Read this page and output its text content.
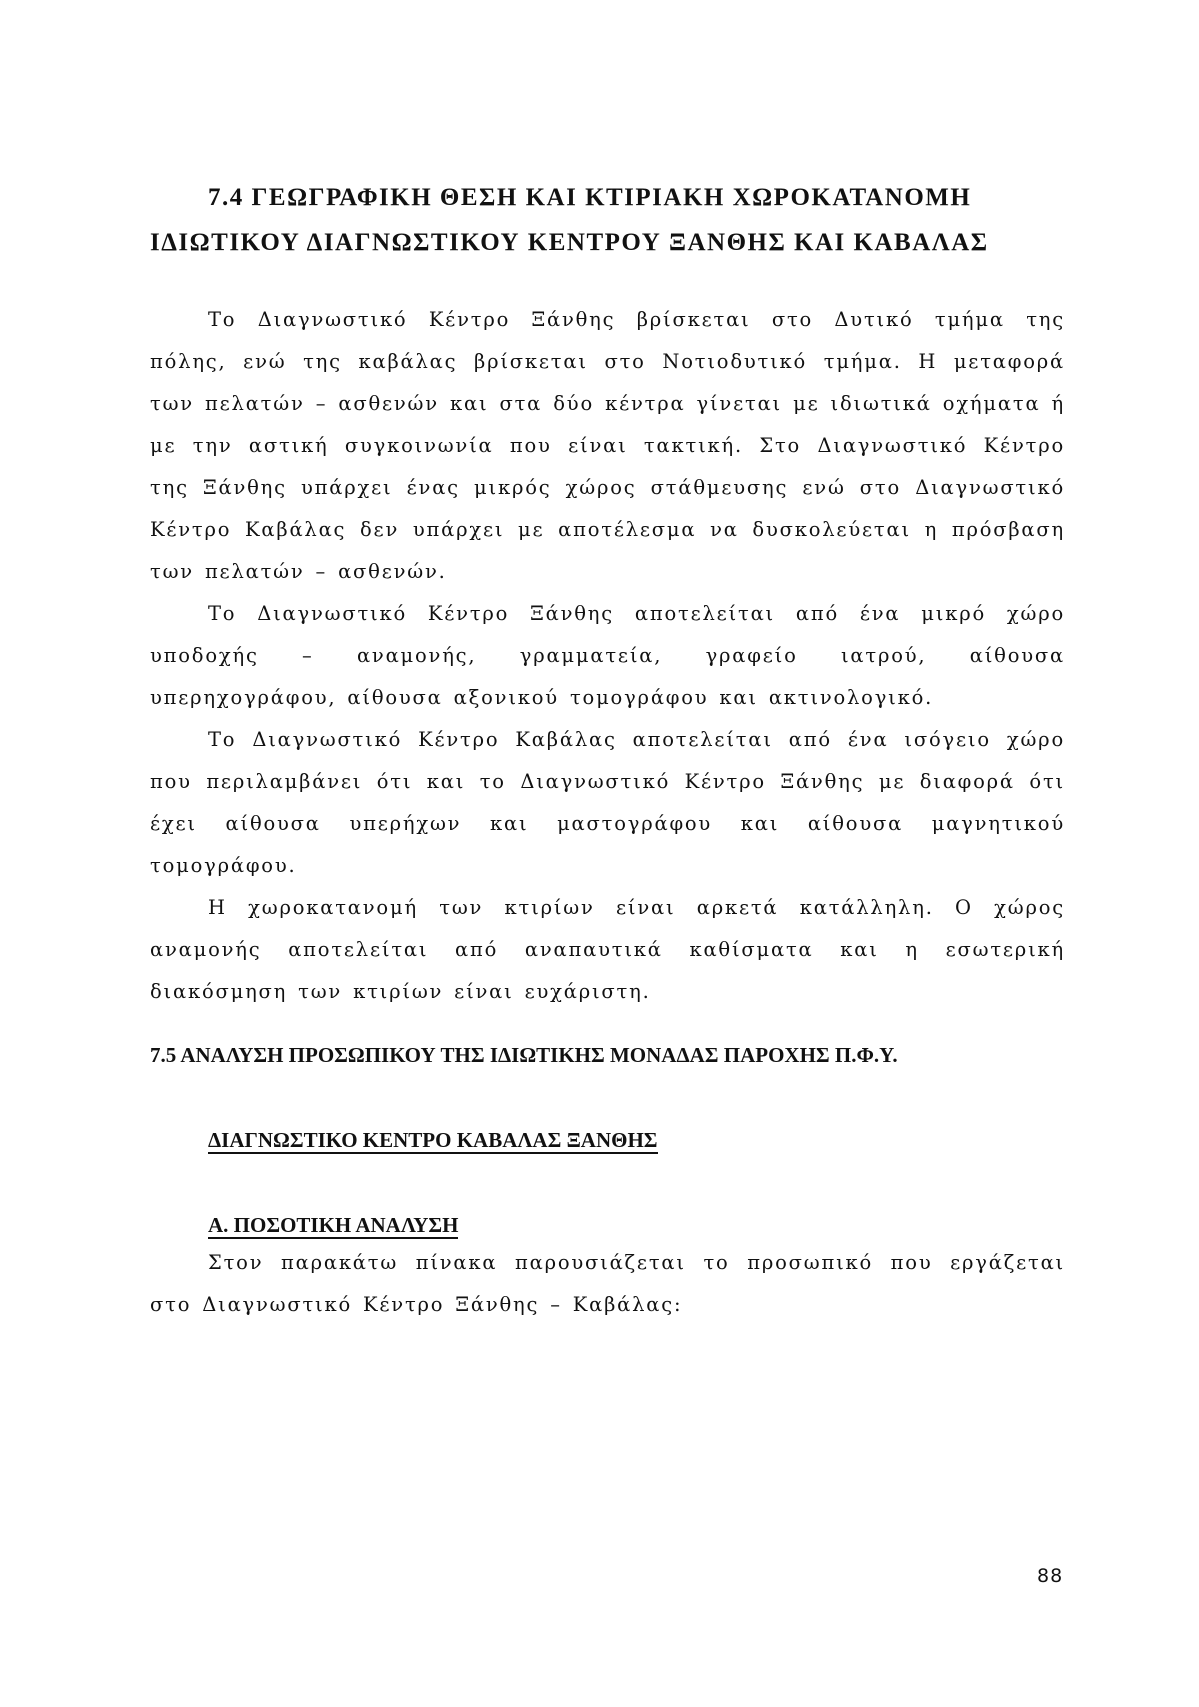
7.4 ΓΕΩΓΡΑΦΙΚΗ ΘΕΣΗ ΚΑΙ ΚΤΙΡΙΑΚΗ ΧΩΡΟΚΑΤΑΝΟΜΗ
ΙΔΙΩΤΙΚΟΥ ΔΙΑΓΝΩΣΤΙΚΟΥ ΚΕΝΤΡΟΥ ΞΑΝΘΗΣ ΚΑΙ ΚΑΒΑΛΑΣ

Το Διαγνωστικό Κέντρο Ξάνθης βρίσκεται στο Δυτικό τμήμα της πόλης, ενώ της καβάλας βρίσκεται στο Νοτιοδυτικό τμήμα. Η μεταφορά των πελατών – ασθενών και στα δύο κέντρα γίνεται με ιδιωτικά οχήματα ή με την αστική συγκοινωνία που είναι τακτική. Στο Διαγνωστικό Κέντρο της Ξάνθης υπάρχει ένας μικρός χώρος στάθμευσης ενώ στο Διαγνωστικό Κέντρο Καβάλας δεν υπάρχει με αποτέλεσμα να δυσκολεύεται η πρόσβαση των πελατών – ασθενών.

Το Διαγνωστικό Κέντρο Ξάνθης αποτελείται από ένα μικρό χώρο υποδοχής – αναμονής, γραμματεία, γραφείο ιατρού, αίθουσα υπερηχογράφου, αίθουσα αξονικού τομογράφου και ακτινολογικό.

Το Διαγνωστικό Κέντρο Καβάλας αποτελείται από ένα ισόγειο χώρο που περιλαμβάνει ότι και το Διαγνωστικό Κέντρο Ξάνθης με διαφορά ότι έχει αίθουσα υπερήχων και μαστογράφου και αίθουσα μαγνητικού τομογράφου.

Η χωροκατανομή των κτιρίων είναι αρκετά κατάλληλη. Ο χώρος αναμονής αποτελείται από αναπαυτικά καθίσματα και η εσωτερική διακόσμηση των κτιρίων είναι ευχάριστη.

7.5 ΑΝΑΛΥΣΗ ΠΡΟΣΩΠΙΚΟΥ ΤΗΣ ΙΔΙΩΤΙΚΗΣ ΜΟΝΑΔΑΣ ΠΑΡΟΧΗΣ Π.Φ.Υ.

ΔΙΑΓΝΩΣΤΙΚΟ ΚΕΝΤΡΟ ΚΑΒΑΛΑΣ ΞΑΝΘΗΣ

Α. ΠΟΣΟΤΙΚΗ ΑΝΑΛΥΣΗ

Στον παρακάτω πίνακα παρουσιάζεται το προσωπικό που εργάζεται στο Διαγνωστικό Κέντρο Ξάνθης – Καβάλας:

88
